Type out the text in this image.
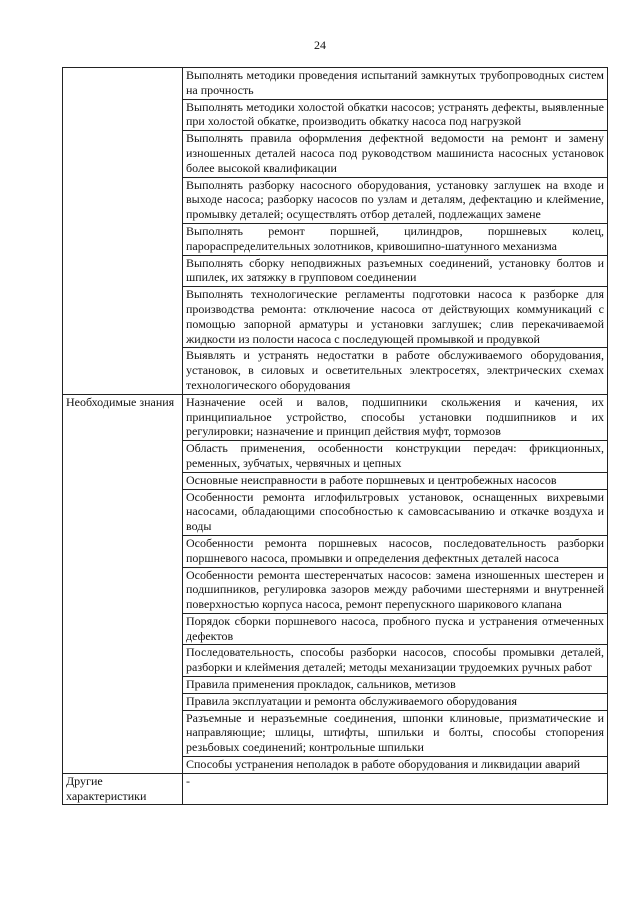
24
	Выполнять методики проведения испытаний замкнутых трубопроводных систем на прочность
	Выполнять методики холостой обкатки насосов; устранять дефекты, выявленные при холостой обкатке, производить обкатку насоса под нагрузкой
	Выполнять правила оформления дефектной ведомости на ремонт и замену изношенных деталей насоса под руководством машиниста насосных установок более высокой квалификации
	Выполнять разборку насосного оборудования, установку заглушек на входе и выходе насоса; разборку насосов по узлам и деталям, дефектацию и клеймение, промывку деталей; осуществлять отбор деталей, подлежащих замене
	Выполнять ремонт поршней, цилиндров, поршневых колец, парораспределительных золотников, кривошипно-шатунного механизма
	Выполнять сборку неподвижных разъемных соединений, установку болтов и шпилек, их затяжку в групповом соединении
	Выполнять технологические регламенты подготовки насоса к разборке для производства ремонта: отключение насоса от действующих коммуникаций с помощью запорной арматуры и установки заглушек; слив перекачиваемой жидкости из полости насоса с последующей промывкой и продувкой
	Выявлять и устранять недостатки в работе обслуживаемого оборудования, установок, в силовых и осветительных электросетях, электрических схемах технологического оборудования
Необходимые знания	Назначение осей и валов, подшипники скольжения и качения, их принципиальное устройство, способы установки подшипников и их регулировки; назначение и принцип действия муфт, тормозов
	Область применения, особенности конструкции передач: фрикционных, ременных, зубчатых, червячных и цепных
	Основные неисправности в работе поршневых и центробежных насосов
	Особенности ремонта иглофильтровых установок, оснащенных вихревыми насосами, обладающими способностью к самовсасыванию и откачке воздуха и воды
	Особенности ремонта поршневых насосов, последовательность разборки поршневого насоса, промывки и определения дефектных деталей насоса
	Особенности ремонта шестеренчатых насосов: замена изношенных шестерен и подшипников, регулировка зазоров между рабочими шестернями и внутренней поверхностью корпуса насоса, ремонт перепускного шарикового клапана
	Порядок сборки поршневого насоса, пробного пуска и устранения отмеченных дефектов
	Последовательность, способы разборки насосов, способы промывки деталей, разборки и клеймения деталей; методы механизации трудоемких ручных работ
	Правила применения прокладок, сальников, метизов
	Правила эксплуатации и ремонта обслуживаемого оборудования
	Разъемные и неразъемные соединения, шпонки клиновые, призматические и направляющие; шлицы, штифты, шпильки и болты, способы стопорения резьбовых соединений; контрольные шпильки
	Способы устранения неполадок в работе оборудования и ликвидации аварий
Другие характеристики	-
